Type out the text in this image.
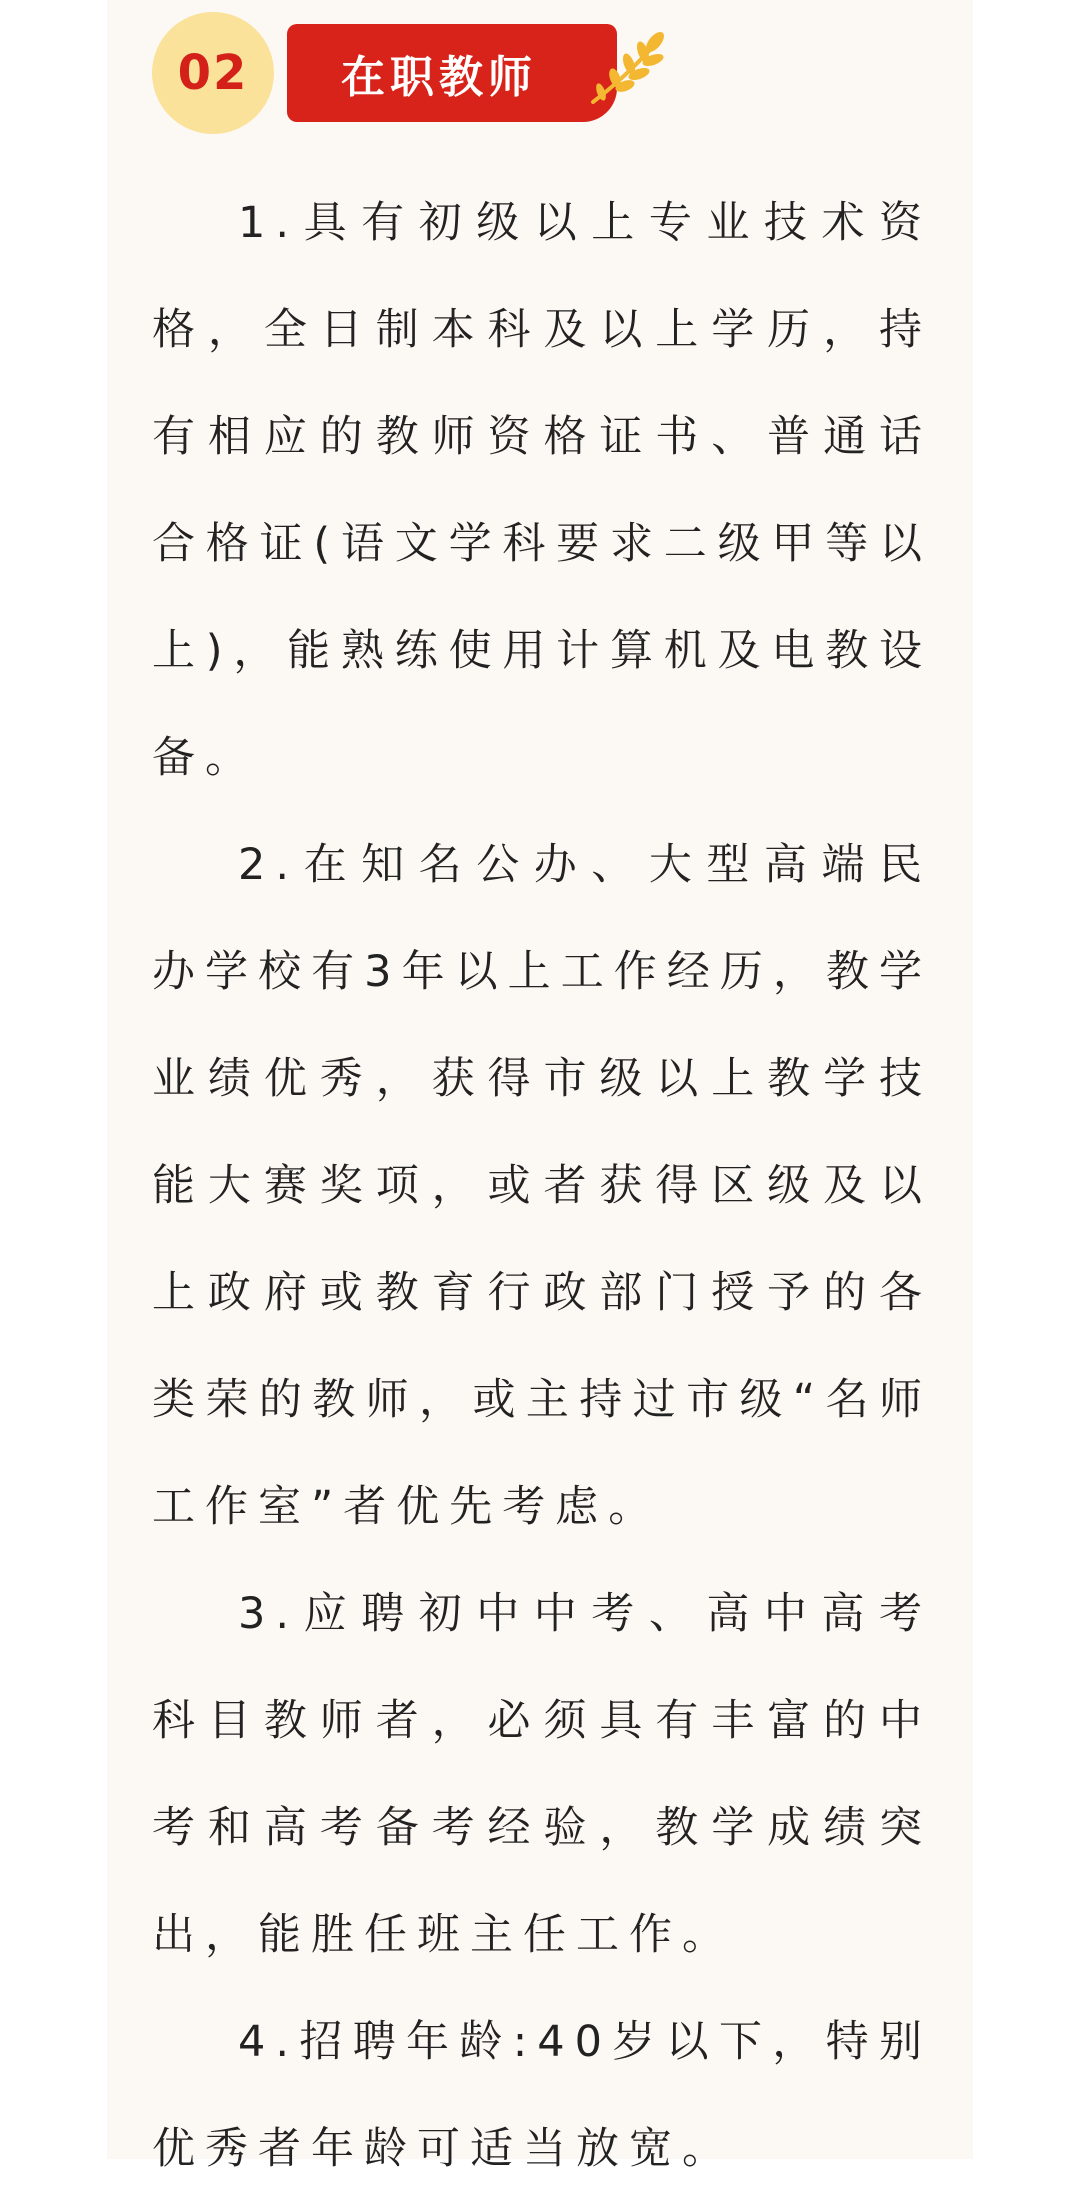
02 在职教师

1.具有初级以上专业技术资格，全日制本科及以上学历，持有相应的教师资格证书、普通话合格证(语文学科要求二级甲等以上)，能熟练使用计算机及电教设备。

2.在知名公办、大型高端民办学校有3年以上工作经历，教学业绩优秀，获得市级以上教学技能大赛奖项，或者获得区级及以上政府或教育行政部门授予的各类荣的教师，或主持过市级“名师工作室”者优先考虑。

3.应聘初中中考、高中高考科目教师者，必须具有丰富的中考和高考备考经验，教学成绩突出，能胜任班主任工作。

4.招聘年龄:40岁以下，特别优秀者年龄可适当放宽。
